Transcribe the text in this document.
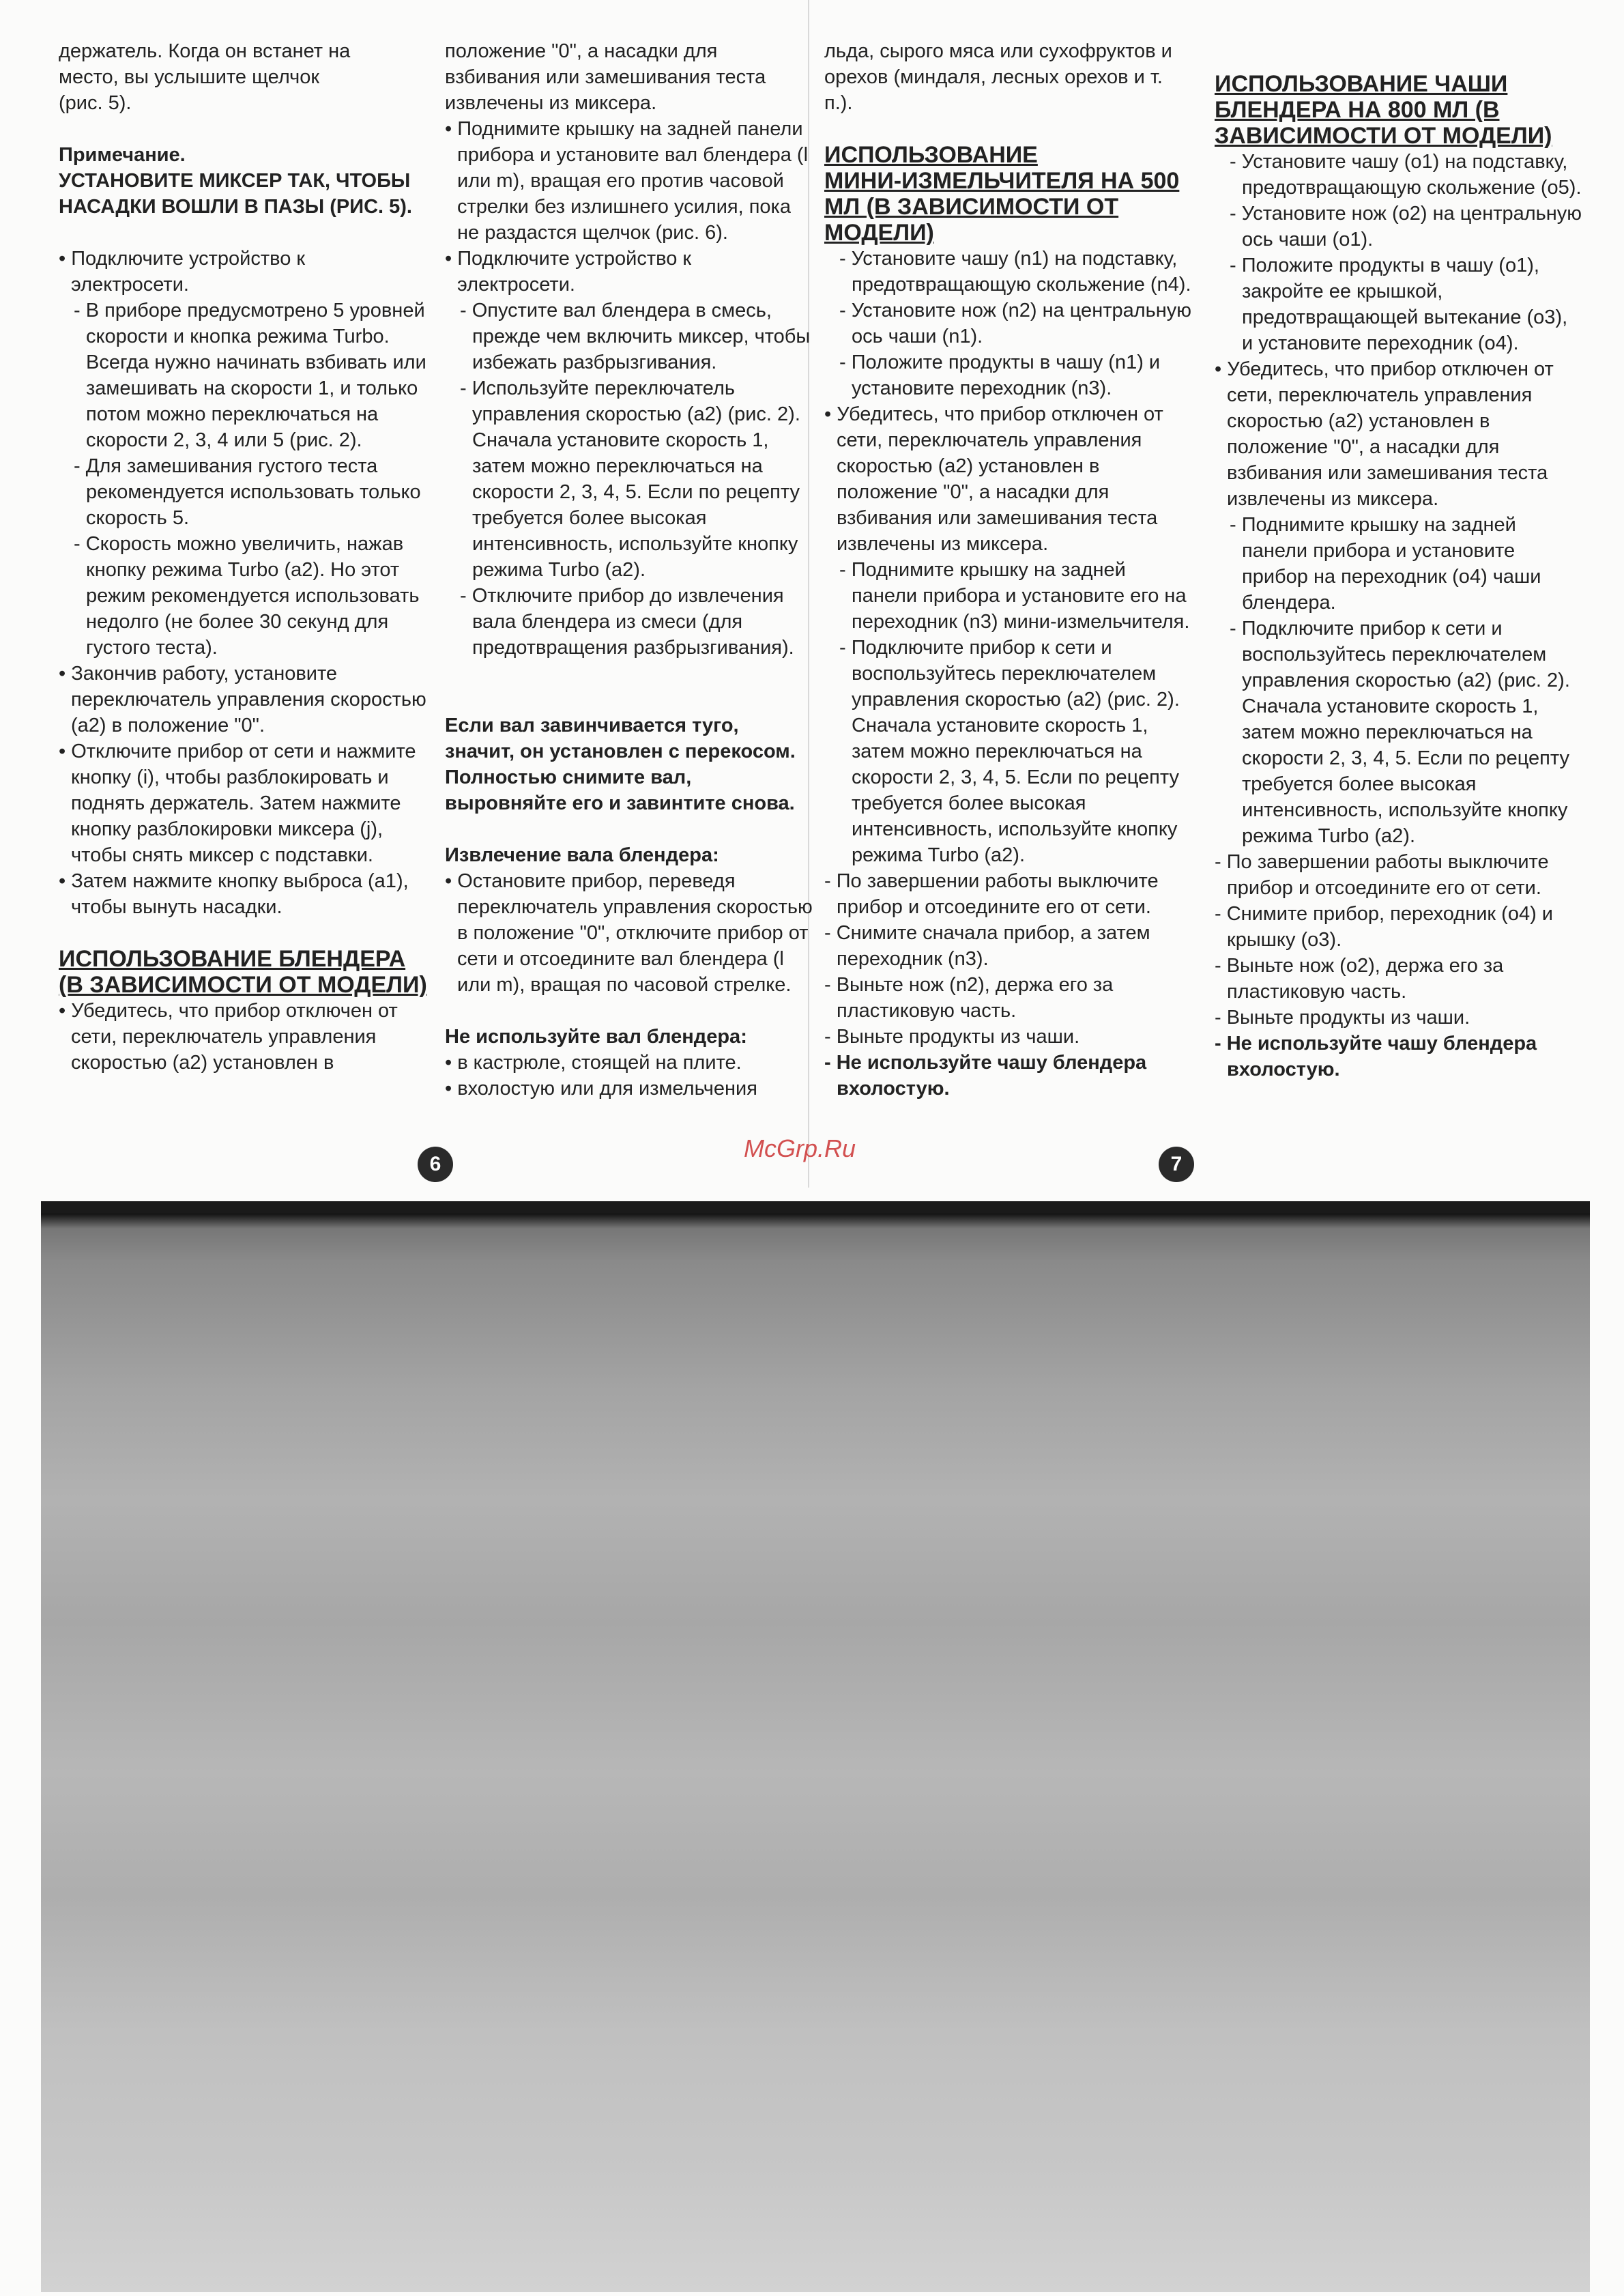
держатель. Когда он встанет на

место, вы услышите щелчок

(рис. 5).

Примечание.

УСТАНОВИТЕ МИКСЕР ТАК, ЧТОБЫ

НАСАДКИ ВОШЛИ В ПАЗЫ (РИС. 5).

• Подключите устройство к электросети.

- В приборе предусмотрено 5 уровней скорости и кнопка режима Turbo. Всегда нужно начинать взбивать или замешивать на скорости 1, и только потом можно переключаться на скорости 2, 3, 4 или 5 (рис. 2).

- Для замешивания густого теста рекомендуется использовать только скорость 5.

- Скорость можно увеличить, нажав кнопку режима Turbo (a2). Но этот режим рекомендуется использовать недолго (не более 30 секунд для густого теста).

• Закончив работу, установите переключатель управления скоростью (a2) в положение "0".

• Отключите прибор от сети и нажмите кнопку (i), чтобы разблокировать и поднять держатель. Затем нажмите кнопку разблокировки миксера (j), чтобы снять миксер с подставки.

• Затем нажмите кнопку выброса (a1), чтобы вынуть насадки.

ИСПОЛЬЗОВАНИЕ БЛЕНДЕРА

(В ЗАВИСИМОСТИ ОТ МОДЕЛИ)

• Убедитесь, что прибор отключен от сети, переключатель управления скоростью (a2) установлен в

положение "0", а насадки для взбивания или замешивания теста извлечены из миксера.

• Поднимите крышку на задней панели прибора и установите вал блендера (l или m), вращая его против часовой стрелки без излишнего усилия, пока не раздастся щелчок (рис. 6).

• Подключите устройство к электросети.

- Опустите вал блендера в смесь, прежде чем включить миксер, чтобы избежать разбрызгивания.

- Используйте переключатель управления скоростью (a2) (рис. 2). Сначала установите скорость 1, затем можно переключаться на скорости 2, 3, 4, 5. Если по рецепту требуется более высокая интенсивность, используйте кнопку режима Turbo (a2).

- Отключите прибор до извлечения вала блендера из смеси (для предотвращения разбрызгивания).

Если вал завинчивается туго, значит, он установлен с перекосом. Полностью снимите вал, выровняйте его и завинтите снова.

Извлечение вала блендера:

• Остановите прибор, переведя переключатель управления скоростью в положение "0", отключите прибор от сети и отсоедините вал блендера (l или m), вращая по часовой стрелке.

Не используйте вал блендера:

• в кастрюле, стоящей на плите.

• вхолостую или для измельчения

льда, сырого мяса или сухофруктов и орехов (миндаля, лесных орехов и т. п.).

ИСПОЛЬЗОВАНИЕ

МИНИ-ИЗМЕЛЬЧИТЕЛЯ НА 500

МЛ (В ЗАВИСИМОСТИ ОТ

МОДЕЛИ)

- Установите чашу (n1) на подставку, предотвращающую скольжение (n4).

- Установите нож (n2) на центральную ось чаши (n1).

- Положите продукты в чашу (n1) и установите переходник (n3).

• Убедитесь, что прибор отключен от сети, переключатель управления скоростью (a2) установлен в положение "0", а насадки для взбивания или замешивания теста извлечены из миксера.

- Поднимите крышку на задней панели прибора и установите его на переходник (n3) мини-измельчителя.

- Подключите прибор к сети и воспользуйтесь переключателем управления скоростью (a2) (рис. 2). Сначала установите скорость 1, затем можно переключаться на скорости 2, 3, 4, 5. Если по рецепту требуется более высокая интенсивность, используйте кнопку режима Turbo (a2).

- По завершении работы выключите прибор и отсоедините его от сети.

- Снимите сначала прибор, а затем переходник (n3).

- Выньте нож (n2), держа его за пластиковую часть.

- Выньте продукты из чаши.

- Не используйте чашу блендера вхолостую.

ИСПОЛЬЗОВАНИЕ ЧАШИ

БЛЕНДЕРА НА 800 МЛ (В

ЗАВИСИМОСТИ ОТ МОДЕЛИ)

- Установите чашу (o1) на подставку, предотвращающую скольжение (o5).

- Установите нож (o2) на центральную ось чаши (o1).

- Положите продукты в чашу (o1), закройте ее крышкой, предотвращающей вытекание (o3), и установите переходник (o4).

• Убедитесь, что прибор отключен от сети, переключатель управления скоростью (a2) установлен в положение "0", а насадки для взбивания или замешивания теста извлечены из миксера.

- Поднимите крышку на задней панели прибора и установите прибор на переходник (o4) чаши блендера.

- Подключите прибор к сети и воспользуйтесь переключателем управления скоростью (a2) (рис. 2). Сначала установите скорость 1, затем можно переключаться на скорости 2, 3, 4, 5. Если по рецепту требуется более высокая интенсивность, используйте кнопку режима Turbo (a2).

- По завершении работы выключите прибор и отсоедините его от сети.

- Снимите прибор, переходник (o4) и крышку (o3).

- Выньте нож (o2), держа его за пластиковую часть.

- Выньте продукты из чаши.

- Не используйте чашу блендера вхолостую.

6	7
McGrp.Ru
